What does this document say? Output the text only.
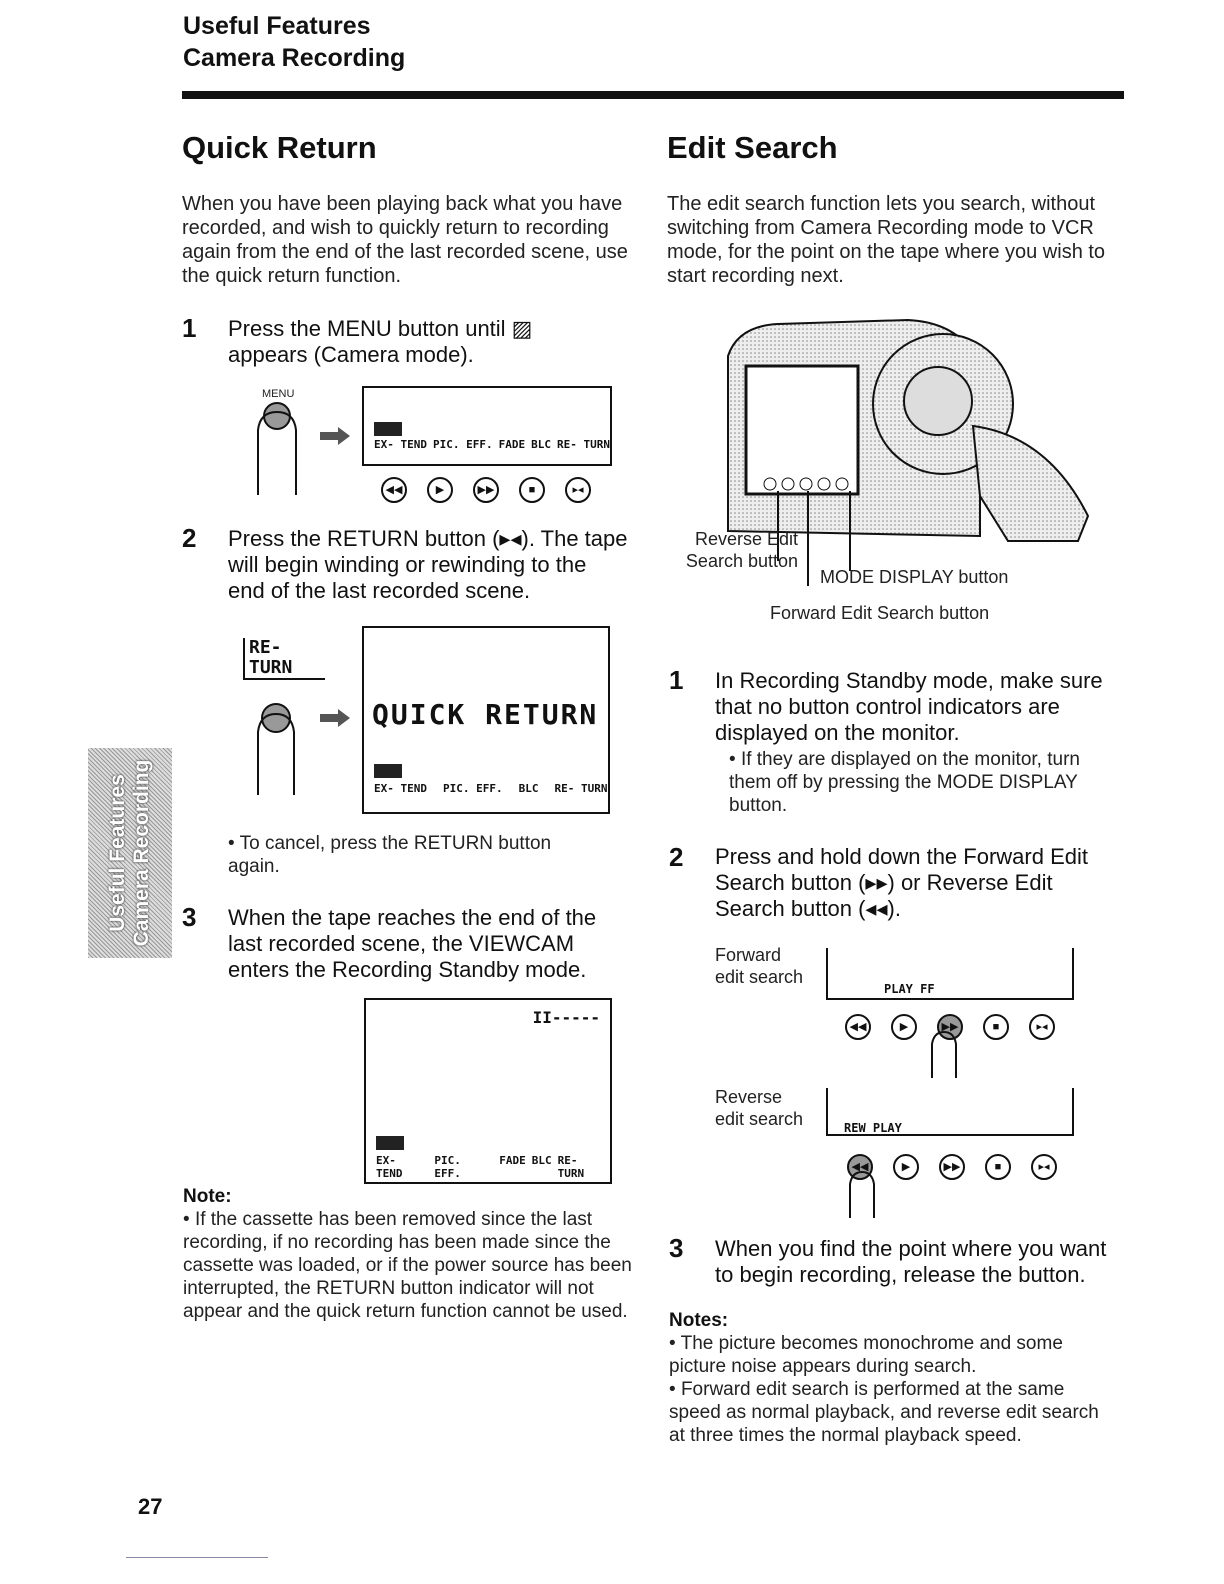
Useful Features
Camera Recording
Useful Features Camera Recording
Quick Return
When you have been playing back what you have recorded, and wish to quickly return to recording again from the end of the last recorded scene, use the quick return function.
1 Press the MENU button until ▨ appears (Camera mode).
MENU
EX- TEND PIC. EFF. FADE BLC RE- TURN
◀◀	▶	▶▶	■	▸◂
2 Press the RETURN button (▸◂). The tape will begin winding or rewinding to the end of the last recorded scene.
RE-
TURN
QUICK RETURN
EX- TEND PIC. EFF. BLC RE- TURN
• To cancel, press the RETURN button again.
3 When the tape reaches the end of the last recorded scene, the VIEWCAM enters the Recording Standby mode.
II-----
EX- TEND
PIC. EFF.
FADE BLC RE- TURN
Note:
• If the cassette has been removed since the last recording, if no recording has been made since the cassette was loaded, or if the power source has been interrupted, the RETURN button indicator will not appear and the quick return function cannot be used.
27
Edit Search
The edit search function lets you search, without switching from Camera Recording mode to VCR mode, for the point on the tape where you wish to start recording next.
Reverse Edit Search button
MODE DISPLAY button
Forward Edit Search button
1 In Recording Standby mode, make sure that no button control indicators are displayed on the monitor.
• If they are displayed on the monitor, turn them off by pressing the MODE DISPLAY button.
2 Press and hold down the Forward Edit Search button (▸▸) or Reverse Edit Search button (◂◂).
Forward edit search
PLAY FF
◀◀	▶	▶▶	■	▸◂
Reverse edit search	REW PLAY
◀◀	▶	▶▶	■	▸◂
3 When you find the point where you want to begin recording, release the button.
Notes:
• The picture becomes monochrome and some picture noise appears during search.
• Forward edit search is performed at the same speed as normal playback, and reverse edit search at three times the normal playback speed.
